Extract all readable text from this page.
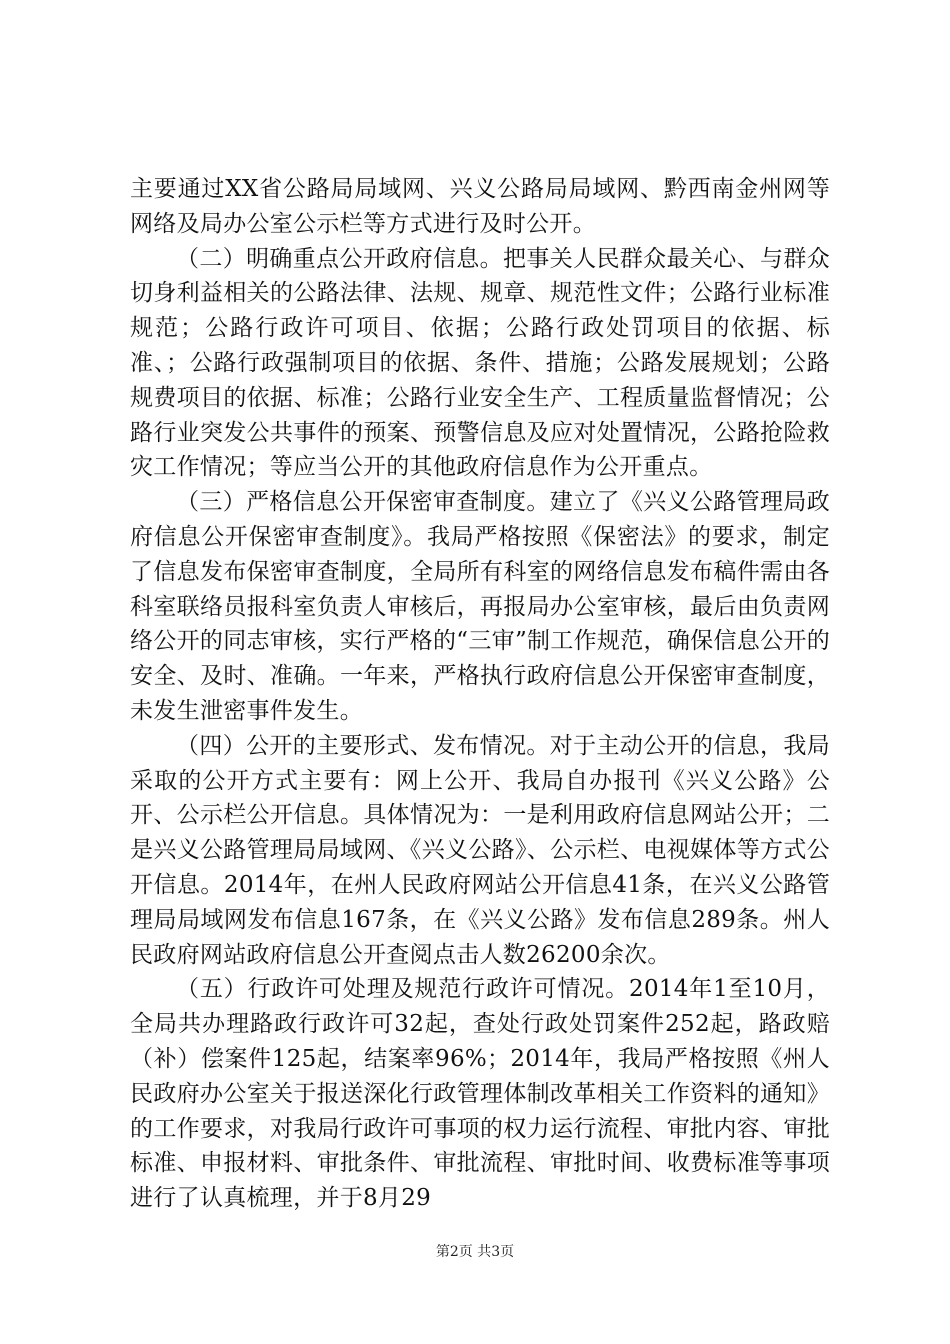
主要通过XX省公路局局域网、兴义公路局局域网、黔西南金州网等网络及局办公室公示栏等方式进行及时公开。

（二）明确重点公开政府信息。把事关人民群众最关心、与群众切身利益相关的公路法律、法规、规章、规范性文件；公路行业标准规范；公路行政许可项目、依据；公路行政处罚项目的依据、标准、；公路行政强制项目的依据、条件、措施；公路发展规划；公路规费项目的依据、标准；公路行业安全生产、工程质量监督情况；公路行业突发公共事件的预案、预警信息及应对处置情况，公路抢险救灾工作情况；等应当公开的其他政府信息作为公开重点。

（三）严格信息公开保密审查制度。建立了《兴义公路管理局政府信息公开保密审查制度》。我局严格按照《保密法》的要求，制定了信息发布保密审查制度，全局所有科室的网络信息发布稿件需由各科室联络员报科室负责人审核后，再报局办公室审核，最后由负责网络公开的同志审核，实行严格的“三审”制工作规范，确保信息公开的安全、及时、准确。一年来，严格执行政府信息公开保密审查制度，未发生泄密事件发生。

（四）公开的主要形式、发布情况。对于主动公开的信息，我局采取的公开方式主要有：网上公开、我局自办报刊《兴义公路》公开、公示栏公开信息。具体情况为：一是利用政府信息网站公开；二是兴义公路管理局局域网、《兴义公路》、公示栏、电视媒体等方式公开信息。2014年，在州人民政府网站公开信息41条，在兴义公路管理局局域网发布信息167条，在《兴义公路》发布信息289条。州人民政府网站政府信息公开查阅点击人数26200余次。

（五）行政许可处理及规范行政许可情况。2014年1至10月，全局共办理路政行政许可32起，查处行政处罚案件252起，路政赔（补）偿案件125起，结案率96%；2014年，我局严格按照《州人民政府办公室关于报送深化行政管理体制改革相关工作资料的通知》的工作要求，对我局行政许可事项的权力运行流程、审批内容、审批标准、申报材料、审批条件、审批流程、审批时间、收费标准等事项进行了认真梳理，并于8月29

第2页 共3页
